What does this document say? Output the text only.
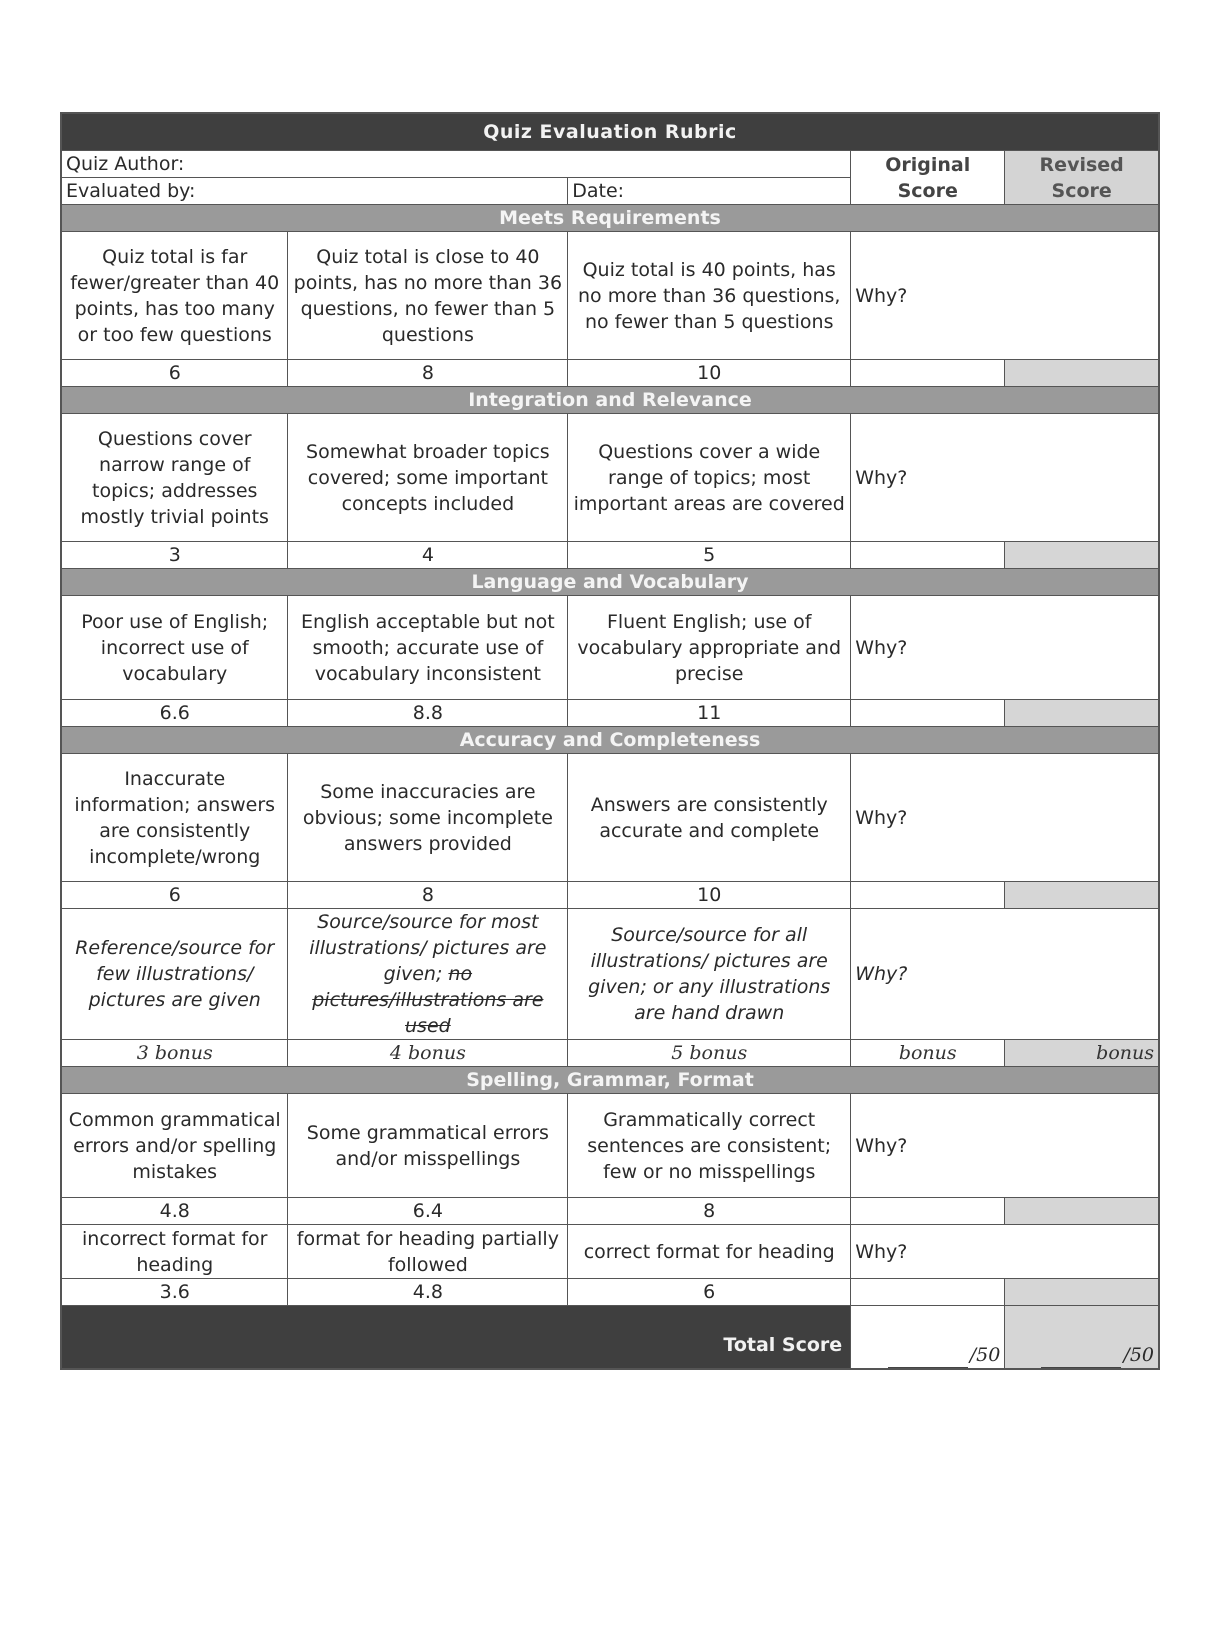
Quiz Evaluation Rubric				
Quiz Author:			Original Score	Revised Score
Evaluated by:		Date:		
Meets Requirements				
Quiz total is far fewer/greater than 40 points, has too many or too few questions	Quiz total is close to 40 points, has no more than 36 questions, no fewer than 5 questions	Quiz total is 40 points, has no more than 36 questions, no fewer than 5 questions	Why?	
6	8	10		
Integration and Relevance				
Questions cover narrow range of topics; addresses mostly trivial points	Somewhat broader topics covered; some important concepts included	Questions cover a wide range of topics; most important areas are covered	Why?	
3	4	5		
Language and Vocabulary				
Poor use of English; incorrect use of vocabulary	English acceptable but not smooth; accurate use of vocabulary inconsistent	Fluent English; use of vocabulary appropriate and precise	Why?	
6.6	8.8	11		
Accuracy and Completeness				
Inaccurate information; answers are consistently incomplete/wrong	Some inaccuracies are obvious; some incomplete answers provided	Answers are consistently accurate and complete	Why?	
6	8	10		
Reference/source for few illustrations/ pictures are given	Source/source for most illustrations/ pictures are given; no pictures/illustrations are used	Source/source for all illustrations/ pictures are given; or any illustrations are hand drawn	Why?	
3 bonus	4 bonus	5 bonus	bonus	bonus
Spelling, Grammar, Format				
Common grammatical errors and/or spelling mistakes	Some grammatical errors and/or misspellings	Grammatically correct sentences are consistent; few or no misspellings	Why?	
4.8	6.4	8		
incorrect format for heading	format for heading partially followed	correct format for heading	Why?	
3.6	4.8	6		
Total Score			/50	/50
